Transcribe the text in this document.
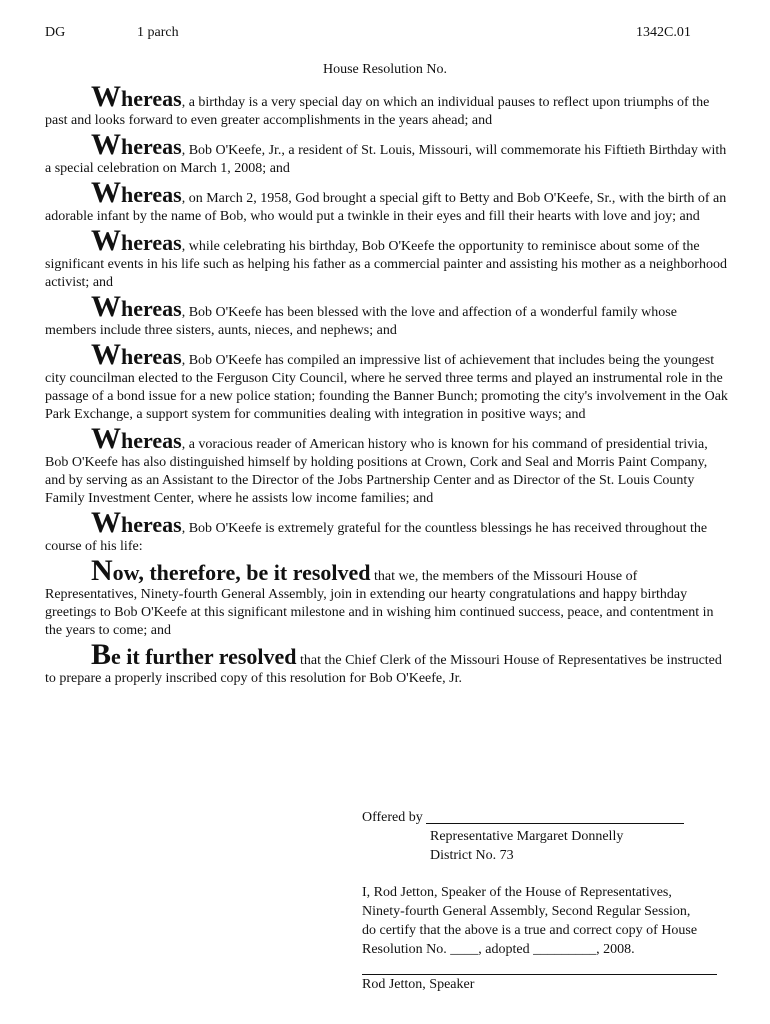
DG	1 parch	1342C.01
House Resolution No.

Whereas, a birthday is a very special day on which an individual pauses to reflect upon triumphs of the past and looks forward to even greater accomplishments in the years ahead; and

Whereas, Bob O'Keefe, Jr., a resident of St. Louis, Missouri, will commemorate his Fiftieth Birthday with a special celebration on March 1, 2008; and

Whereas, on March 2, 1958, God brought a special gift to Betty and Bob O'Keefe, Sr., with the birth of an adorable infant by the name of Bob, who would put a twinkle in their eyes and fill their hearts with love and joy; and

Whereas, while celebrating his birthday, Bob O'Keefe the opportunity to reminisce about some of the significant events in his life such as helping his father as a commercial painter and assisting his mother as a neighborhood activist; and

Whereas, Bob O'Keefe has been blessed with the love and affection of a wonderful family whose members include three sisters, aunts, nieces, and nephews; and

Whereas, Bob O'Keefe has compiled an impressive list of achievement that includes being the youngest city councilman elected to the Ferguson City Council, where he served three terms and played an instrumental role in the passage of a bond issue for a new police station; founding the Banner Bunch; promoting the city's involvement in the Oak Park Exchange, a support system for communities dealing with integration in positive ways; and

Whereas, a voracious reader of American history who is known for his command of presidential trivia, Bob O'Keefe has also distinguished himself by holding positions at Crown, Cork and Seal and Morris Paint Company, and by serving as an Assistant to the Director of the Jobs Partnership Center and as Director of the St. Louis County Family Investment Center, where he assists low income families; and

Whereas, Bob O'Keefe is extremely grateful for the countless blessings he has received throughout the course of his life:

Now, therefore, be it resolved that we, the members of the Missouri House of Representatives, Ninety-fourth General Assembly, join in extending our hearty congratulations and happy birthday greetings to Bob O'Keefe at this significant milestone and in wishing him continued success, peace, and contentment in the years to come; and

Be it further resolved that the Chief Clerk of the Missouri House of Representatives be instructed to prepare a properly inscribed copy of this resolution for Bob O'Keefe, Jr.

Offered by
Representative Margaret Donnelly
District No. 73
I, Rod Jetton, Speaker of the House of Representatives,
Ninety-fourth General Assembly, Second Regular Session,
do certify that the above is a true and correct copy of House
Resolution No. ____, adopted _________, 2008.
Rod Jetton, Speaker
